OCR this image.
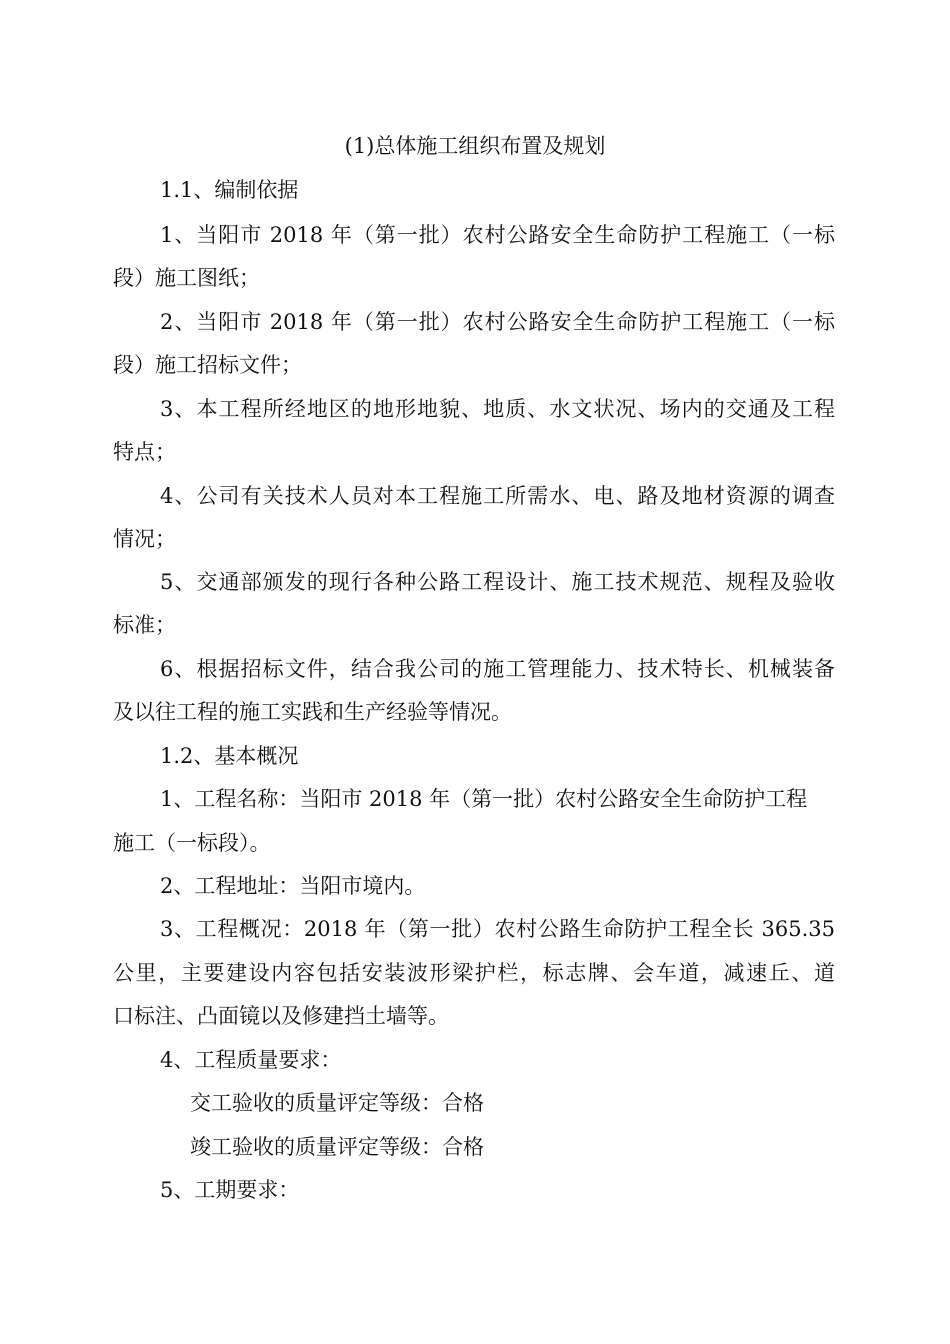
(1)总体施工组织布置及规划
1.1、编制依据
1、当阳市 2018 年（第一批）农村公路安全生命防护工程施工（一标
段）施工图纸；
2、当阳市 2018 年（第一批）农村公路安全生命防护工程施工（一标
段）施工招标文件；
3、本工程所经地区的地形地貌、地质、水文状况、场内的交通及工程
特点；
4、公司有关技术人员对本工程施工所需水、电、路及地材资源的调查
情况；
5、交通部颁发的现行各种公路工程设计、施工技术规范、规程及验收
标准；
6、根据招标文件，结合我公司的施工管理能力、技术特长、机械装备
及以往工程的施工实践和生产经验等情况。
1.2、基本概况
1、工程名称：当阳市 2018 年（第一批）农村公路安全生命防护工程
施工（一标段）。
2、工程地址：当阳市境内。
3、工程概况：2018 年（第一批）农村公路生命防护工程全长 365.35
公里，主要建设内容包括安装波形梁护栏，标志牌、会车道，减速丘、道
口标注、凸面镜以及修建挡土墙等。
4、工程质量要求：
交工验收的质量评定等级：合格
竣工验收的质量评定等级：合格
5、工期要求：
